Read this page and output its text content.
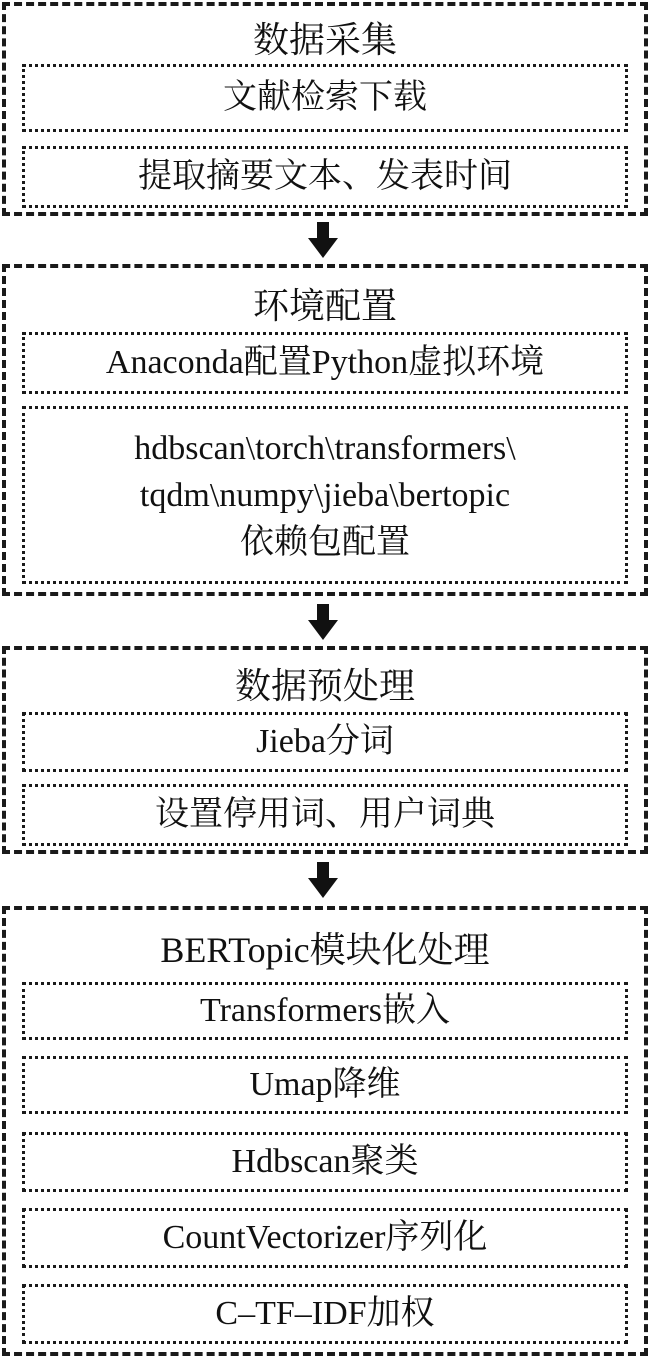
数据采集
文献检索下载
提取摘要文本、发表时间
环境配置
Anaconda配置Python虚拟环境
hdbscan\torch\transformers\
tqdm\numpy\jieba\bertopic
依赖包配置
数据预处理
Jieba分词
设置停用词、用户词典
BERTopic模块化处理
Transformers嵌入
Umap降维
Hdbscan聚类
CountVectorizer序列化
C–TF–IDF加权
